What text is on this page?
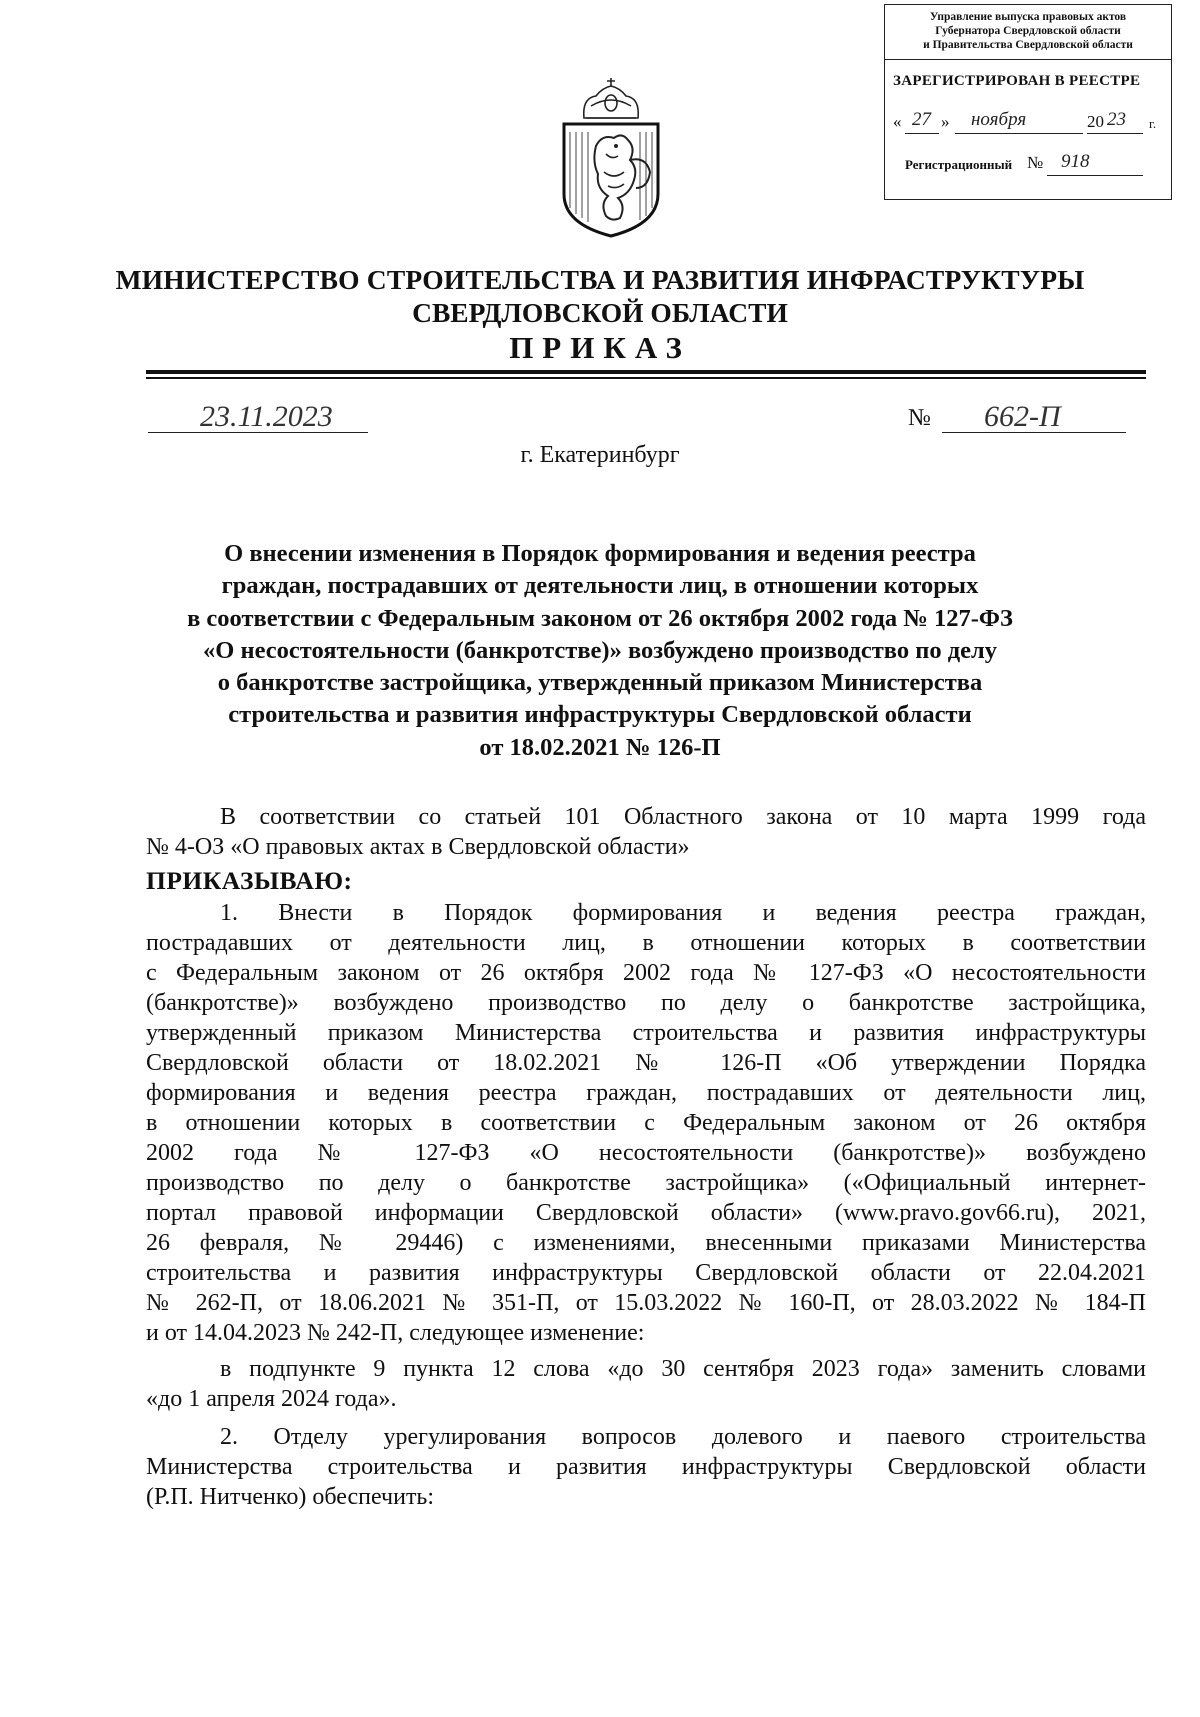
Управление выпуска правовых актов
Губернатора Свердловской области
и Правительства Свердловской области
ЗАРЕГИСТРИРОВАН В РЕЕСТРЕ
« 27 » ноября	20 23 г.
Регистрационный № 918
МИНИСТЕРСТВО СТРОИТЕЛЬСТВА И РАЗВИТИЯ ИНФРАСТРУКТУРЫ
СВЕРДЛОВСКОЙ ОБЛАСТИ
ПРИКАЗ
23.11.2023	№ 662-П
г. Екатеринбург
О внесении изменения в Порядок формирования и ведения реестра
граждан, пострадавших от деятельности лиц, в отношении которых
в соответствии с Федеральным законом от 26 октября 2002 года № 127-ФЗ
«О несостоятельности (банкротстве)» возбуждено производство по делу
о банкротстве застройщика, утвержденный приказом Министерства
строительства и развития инфраструктуры Свердловской области
от 18.02.2021 № 126-П
В соответствии со статьей 101 Областного закона от 10 марта 1999 года
№ 4-ОЗ «О правовых актах в Свердловской области»
ПРИКАЗЫВАЮ:
1. Внести в Порядок формирования и ведения реестра граждан,
пострадавших от деятельности лиц, в отношении которых в соответствии
с Федеральным законом от 26 октября 2002 года № 127-ФЗ «О несостоятельности
(банкротстве)» возбуждено производство по делу о банкротстве застройщика,
утвержденный приказом Министерства строительства и развития инфраструктуры
Свердловской области от 18.02.2021 № 126-П «Об утверждении Порядка
формирования и ведения реестра граждан, пострадавших от деятельности лиц,
в отношении которых в соответствии с Федеральным законом от 26 октября
2002 года № 127-ФЗ «О несостоятельности (банкротстве)» возбуждено
производство по делу о банкротстве застройщика» («Официальный интернет-
портал правовой информации Свердловской области» (www.pravo.gov66.ru), 2021,
26 февраля, № 29446) с изменениями, внесенными приказами Министерства
строительства и развития инфраструктуры Свердловской области от 22.04.2021
№ 262-П, от 18.06.2021 № 351-П, от 15.03.2022 № 160-П, от 28.03.2022 № 184-П
и от 14.04.2023 № 242-П, следующее изменение:
в подпункте 9 пункта 12 слова «до 30 сентября 2023 года» заменить словами
«до 1 апреля 2024 года».
2. Отделу урегулирования вопросов долевого и паевого строительства
Министерства строительства и развития инфраструктуры Свердловской области
(Р.П. Нитченко) обеспечить:
